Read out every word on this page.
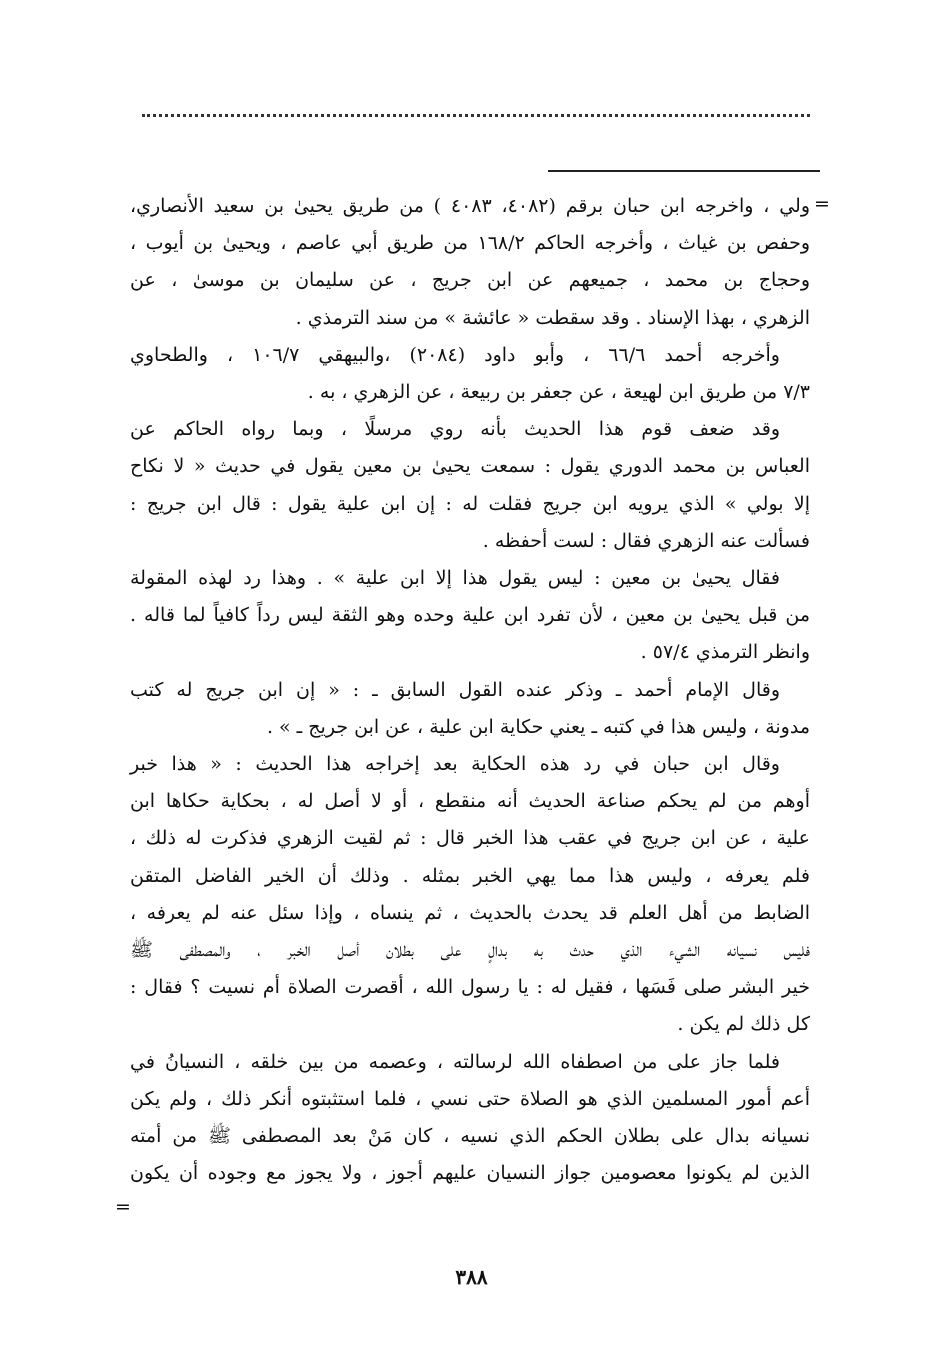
=

ولي ، واخرجه ابن حبان برقم (٤٠٨٢، ٤٠٨٣ ) من طريق يحيىٰ بن سعيد الأنصاري،
وحفص بن غياث ، وأخرجه الحاكم ١٦٨/٢ من طريق أبي عاصم ، ويحيىٰ بن أيوب ،
وحجاج بن محمد ، جميعهم عن ابن جريج ، عن سليمان بن موسىٰ ، عن
الزهري ، بهذا الإسناد . وقد سقطت « عائشة » من سند الترمذي .

وأخرجه أحمد ٦٦/٦ ، وأبو داود (٢٠٨٤) ،والبيهقي ١٠٦/٧ ، والطحاوي
٧/٣ من طريق ابن لهيعة ، عن جعفر بن ربيعة ، عن الزهري ، به .

وقد ضعف قوم هذا الحديث بأنه روي مرسلًا ، وبما رواه الحاكم عن
العباس بن محمد الدوري يقول : سمعت يحيىٰ بن معين يقول في حديث « لا نكاح
إلا بولي » الذي يرويه ابن جريج فقلت له : إن ابن علية يقول : قال ابن جريج :
فسألت عنه الزهري فقال : لست أحفظه .

فقال يحيىٰ بن معين : ليس يقول هذا إلا ابن علية » . وهذا رد لهذه المقولة
من قبل يحيىٰ بن معين ، لأن تفرد ابن علية وحده وهو الثقة ليس رداً كافياً لما قاله .
وانظر الترمذي ٥٧/٤ .

وقال الإمام أحمد ـ وذكر عنده القول السابق ـ : « إن ابن جريج له كتب
مدونة ، وليس هذا في كتبه ـ يعني حكاية ابن علية ، عن ابن جريج ـ » .

وقال ابن حبان في رد هذه الحكاية بعد إخراجه هذا الحديث : « هذا خبر
أوهم من لم يحكم صناعة الحديث أنه منقطع ، أو لا أصل له ، بحكاية حكاها ابن
علية ، عن ابن جريج في عقب هذا الخبر قال : ثم لقيت الزهري فذكرت له ذلك ،
فلم يعرفه ، وليس هذا مما يهي الخبر بمثله . وذلك أن الخير الفاضل المتقن
الضابط من أهل العلم قد يحدث بالحديث ، ثم ينساه ، وإذا سئل عنه لم يعرفه ،
فليس نسيانه الشيء الذي حدث به بدالٍ على بطلان أصل الخبر ، والمصطفى ﷺ
خير البشر صلى فَسَها ، فقيل له : يا رسول الله ، أقصرت الصلاة أم نسيت ؟ فقال :
كل ذلك لم يكن .

فلما جاز على من اصطفاه الله لرسالته ، وعصمه من بين خلقه ، النسيانُ في
أعم أمور المسلمين الذي هو الصلاة حتى نسي ، فلما استثبتوه أنكر ذلك ، ولم يكن
نسيانه بدال على بطلان الحكم الذي نسيه ، كان مَنْ بعد المصطفى ﷺ من أمته
الذين لم يكونوا معصومين جواز النسيان عليهم أجوز ، ولا يجوز مع وجوده أن يكون

=
٣٨٨
